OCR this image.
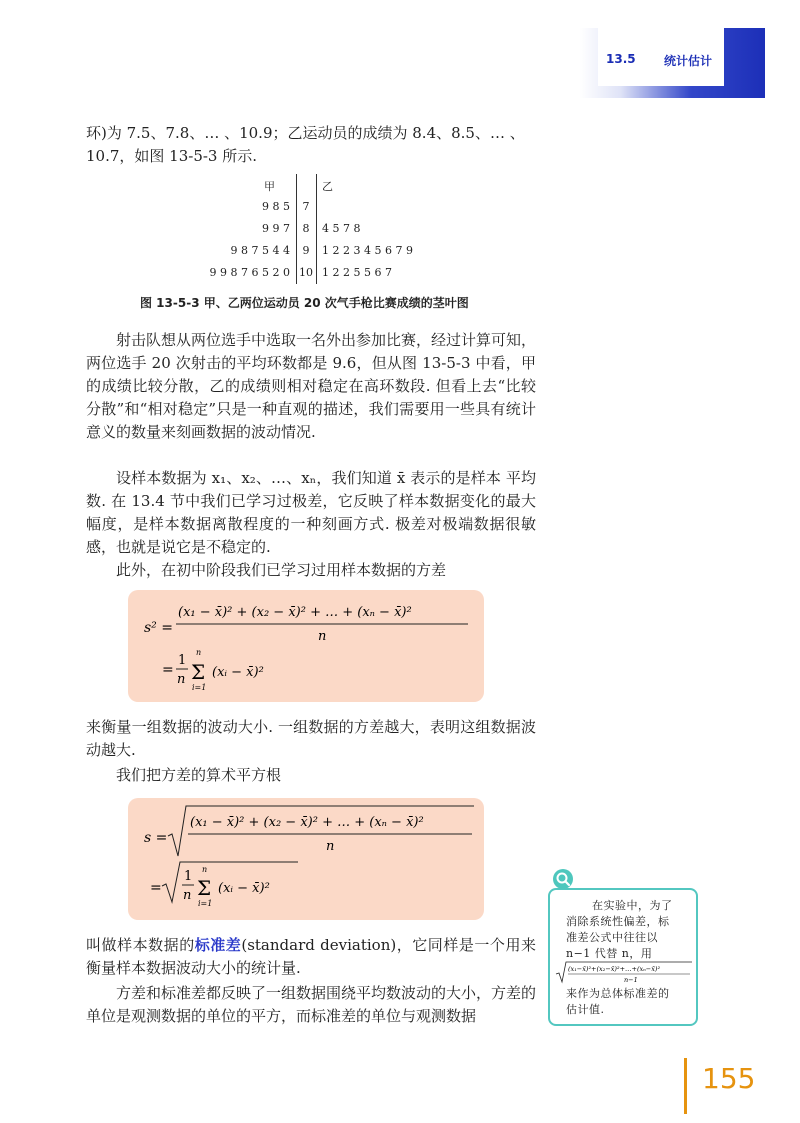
13.5 统计估计

环)为 7.5、7.8、… 、10.9；乙运动员的成绩为 8.4、8.5、… 、
10.7，如图 13-5-3 所示.

甲	乙
9 8 5 7
9 9 7 8 4 5 7 8
9 8 7 5 4 4 9 1 2 2 3 4 5 6 7 9
9 9 8 7 6 5 2 0 10 1 2 2 5 5 6 7
图 13-5-3 甲、乙两位运动员 20 次气手枪比赛成绩的茎叶图

射击队想从两位选手中选取一名外出参加比赛，经过计算可知，两位选手 20 次射击的平均环数都是 9.6，但从图 13-5-3 中看，甲的成绩比较分散，乙的成绩则相对稳定在高环数段. 但看上去“比较分散”和“相对稳定”只是一种直观的描述，我们需要用一些具有统计意义的数量来刻画数据的波动情况.

设样本数据为 x₁、x₂、…、xₙ，我们知道 x̄ 表示的是样本 平均数. 在 13.4 节中我们已学习过极差，它反映了样本数据变化的最大幅度，是样本数据离散程度的一种刻画方式. 极差对极端数据很敏感，也就是说它是不稳定的.

此外，在初中阶段我们已学习过用样本数据的方差

s² =
(x₁ − x̄)² + (x₂ − x̄)² + … + (xₙ − x̄)²
n
=
1
n
n
Σ
i=1
(xᵢ − x̄)²

来衡量一组数据的波动大小. 一组数据的方差越大，表明这组数据波动越大.

我们把方差的算术平方根

s =
(x₁ − x̄)² + (x₂ − x̄)² + … + (xₙ − x̄)²
n
=
1
n
n
Σ
i=1
(xᵢ − x̄)²

叫做样本数据的标准差(standard deviation)，它同样是一个用来衡量样本数据波动大小的统计量.

方差和标准差都反映了一组数据围绕平均数波动的大小，方差的单位是观测数据的单位的平方，而标准差的单位与观测数据

在实验中，为了
消除系统性偏差，标
准差公式中往往以
n−1 代替 n，用
(x₁−x̄)²+(x₂−x̄)²+…+(xₙ−x̄)²
n−1
来作为总体标准差的
估计值.
155
